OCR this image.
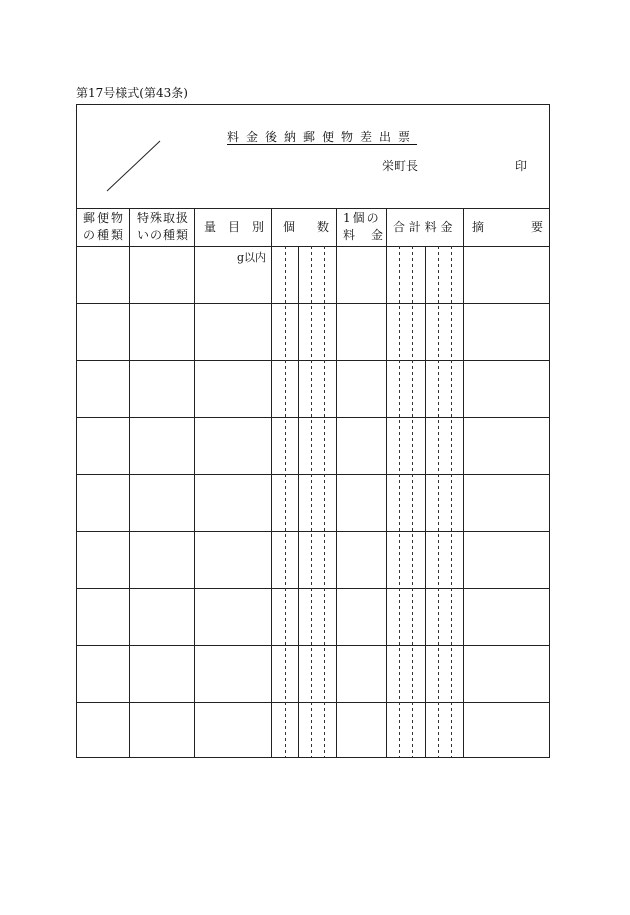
第17号様式(第43条)
料金後納郵便物差出票
栄町長	印
郵便物
の種類
特殊取扱
いの種類
量　目　別 個 数
1個の
料　金
合 計 料 金 摘	要
g以内
